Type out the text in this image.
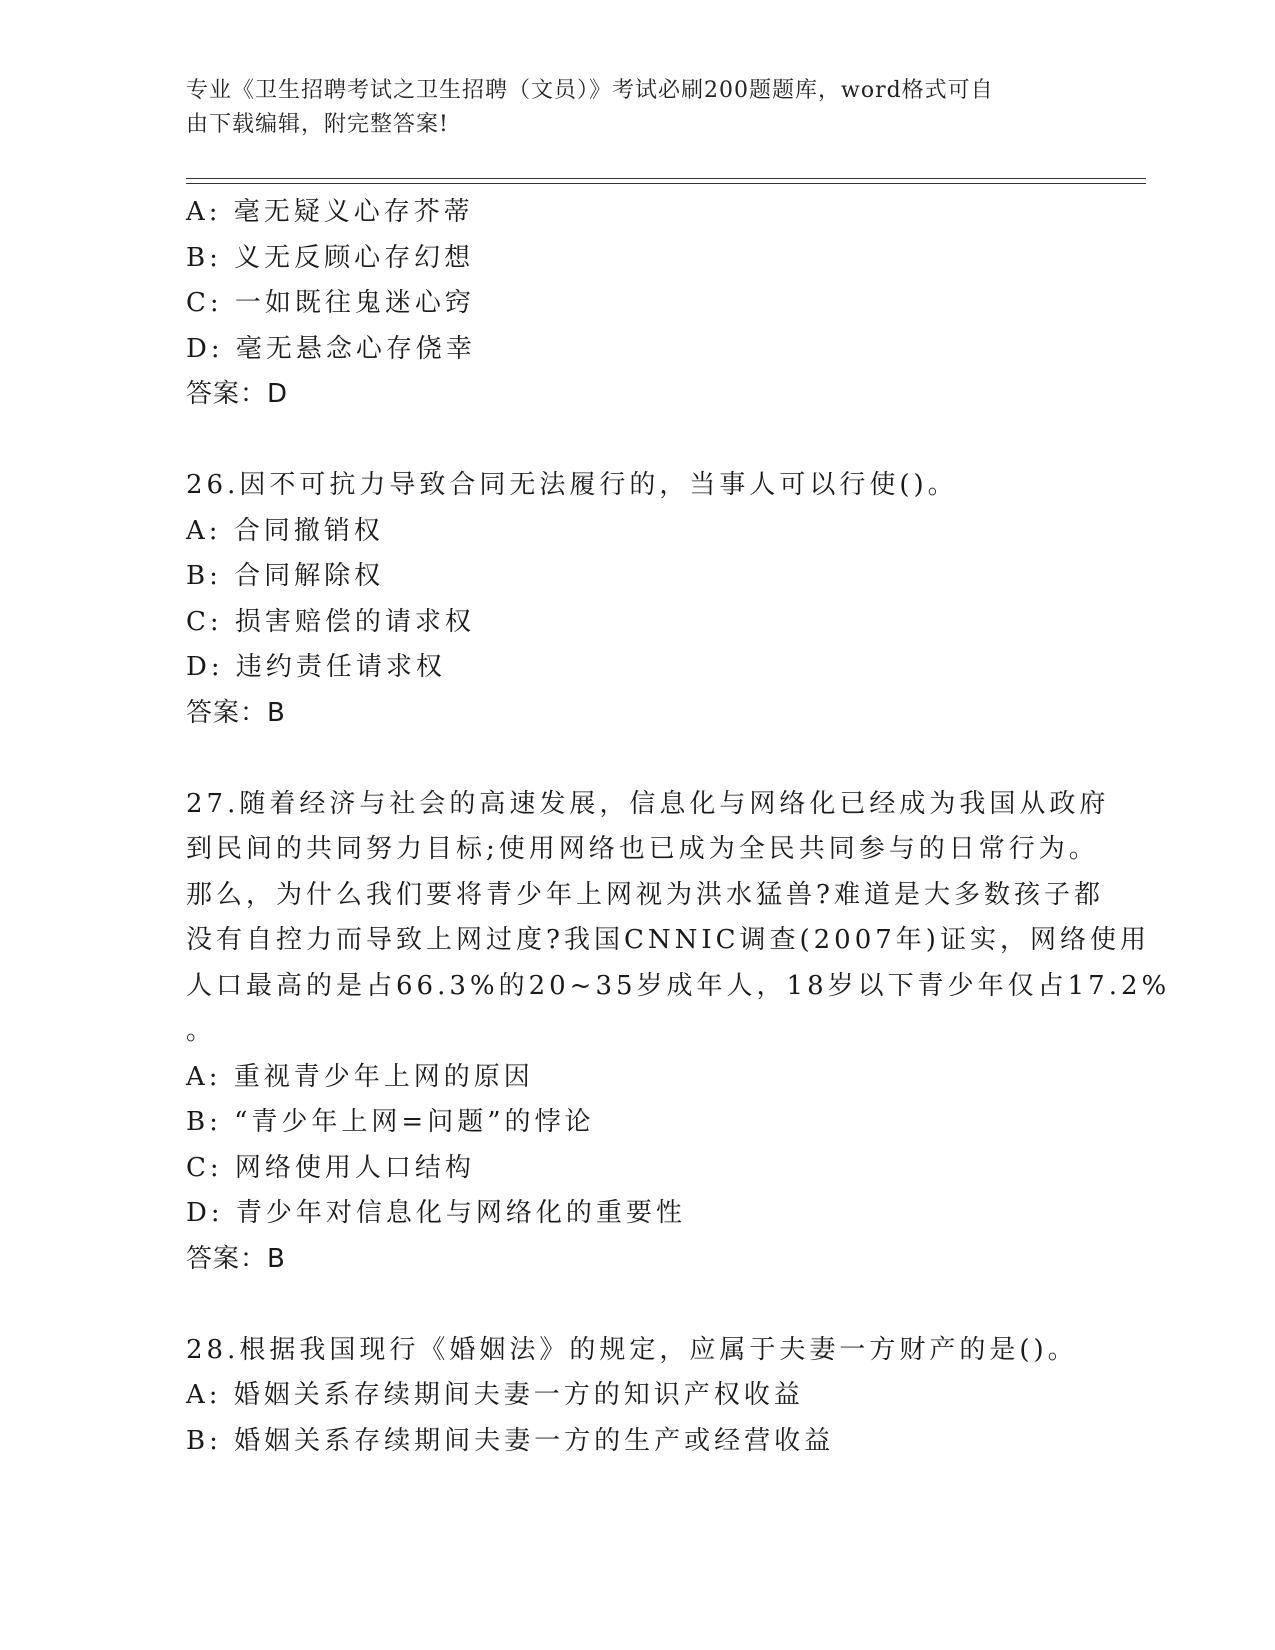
专业《卫生招聘考试之卫生招聘（文员）》考试必刷200题题库，word格式可自
由下载编辑，附完整答案!
A: 毫无疑义心存芥蒂
B: 义无反顾心存幻想
C: 一如既往鬼迷心窍
D: 毫无悬念心存侥幸
答案：D
26.因不可抗力导致合同无法履行的，当事人可以行使()。
A: 合同撤销权
B: 合同解除权
C: 损害赔偿的请求权
D: 违约责任请求权
答案：B
27.随着经济与社会的高速发展，信息化与网络化已经成为我国从政府
到民间的共同努力目标;使用网络也已成为全民共同参与的日常行为。
那么，为什么我们要将青少年上网视为洪水猛兽?难道是大多数孩子都
没有自控力而导致上网过度?我国CNNIC调查(2007年)证实，网络使用
人口最高的是占66.3%的20~35岁成年人，18岁以下青少年仅占17.2%
。
A: 重视青少年上网的原因
B: “青少年上网=问题”的悖论
C: 网络使用人口结构
D: 青少年对信息化与网络化的重要性
答案：B
28.根据我国现行《婚姻法》的规定，应属于夫妻一方财产的是()。
A: 婚姻关系存续期间夫妻一方的知识产权收益
B: 婚姻关系存续期间夫妻一方的生产或经营收益
